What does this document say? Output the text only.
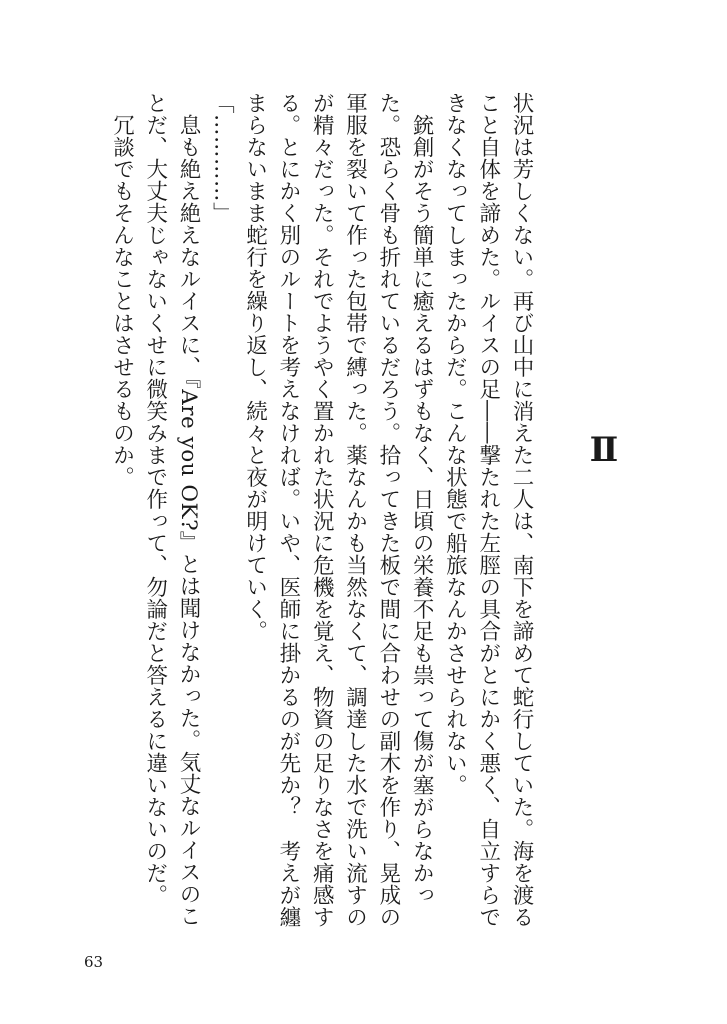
Ⅱ

状況は芳しくない。再び山中に消えた二人は、南下を諦めて蛇行していた。海を渡ること自体を諦めた。ルイスの足――撃たれた左脛の具合がとにかく悪く、自立すらできなくなってしまったからだ。こんな状態で船旅なんかさせられない。

銃創がそう簡単に癒えるはずもなく、日頃の栄養不足も祟って傷が塞がらなかった。恐らく骨も折れているだろう。拾ってきた板で間に合わせの副木を作り、晃成の軍服を裂いて作った包帯で縛った。薬なんかも当然なくて、調達した水で洗い流すのが精々だった。それでようやく置かれた状況に危機を覚え、物資の足りなさを痛感する。とにかく別のルートを考えなければ。いや、医師に掛かるのが先か？　考えが纏まらないまま蛇行を繰り返し、続々と夜が明けていく。

「…………」

息も絶え絶えなルイスに、『Are you OK?』とは聞けなかった。気丈なルイスのことだ、大丈夫じゃないくせに微笑みまで作って、勿論だと答えるに違いないのだ。

冗談でもそんなことはさせるものか。

63
